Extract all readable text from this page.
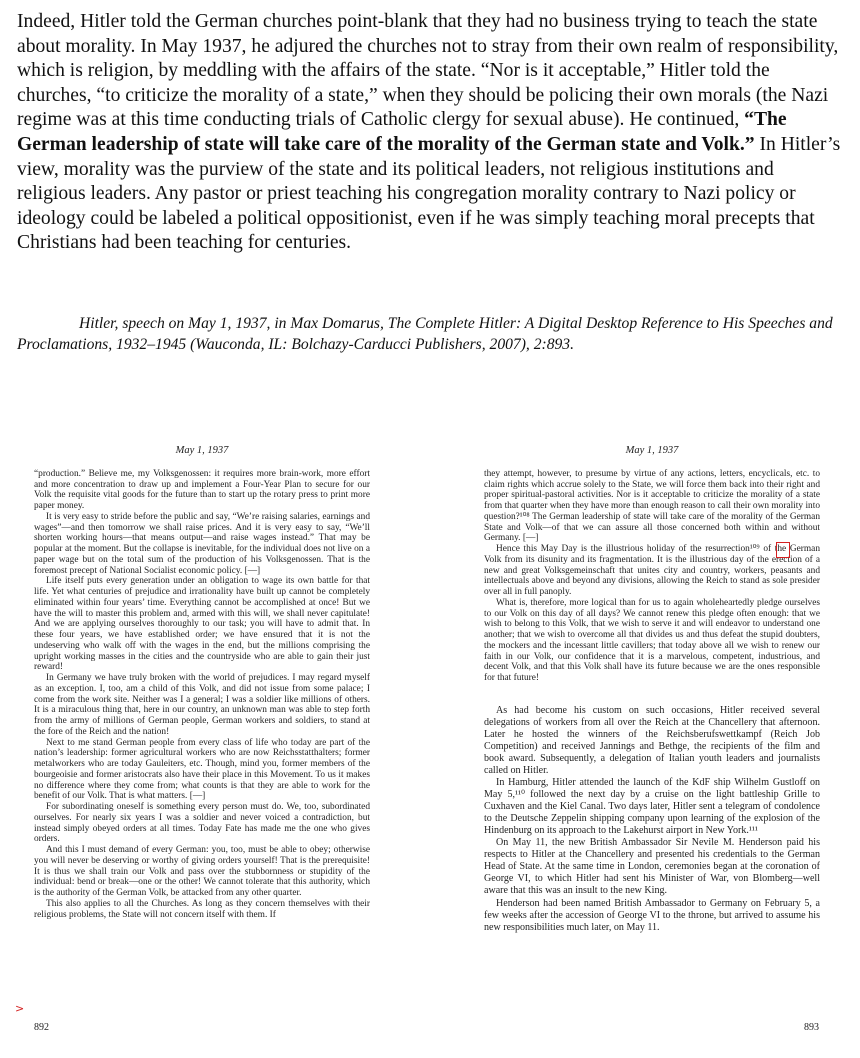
Indeed, Hitler told the German churches point-blank that they had no business trying to teach the state about morality. In May 1937, he adjured the churches not to stray from their own realm of responsibility, which is religion, by meddling with the affairs of the state. “Nor is it acceptable,” Hitler told the churches, “to criticize the morality of a state,” when they should be policing their own morals (the Nazi regime was at this time conducting trials of Catholic clergy for sexual abuse). He continued, “The German leadership of state will take care of the morality of the German state and Volk.” In Hitler’s view, morality was the purview of the state and its political leaders, not religious institutions and religious leaders. Any pastor or priest teaching his congregation morality contrary to Nazi policy or ideology could be labeled a political oppositionist, even if he was simply teaching moral precepts that Christians had been teaching for centuries.

Hitler, speech on May 1, 1937, in Max Domarus, The Complete Hitler: A Digital Desktop Reference to His Speeches and Proclamations, 1932–1945 (Wauconda, IL: Bolchazy-Carducci Publishers, 2007), 2:893.
May 1, 1937

“production.” Believe me, my Volksgenossen: it requires more brain-work, more effort and more concentration to draw up and implement a Four-Year Plan to secure for our Volk the requisite vital goods for the future than to start up the rotary press to print more paper money.

It is very easy to stride before the public and say, “We’re raising salaries, earnings and wages”—and then tomorrow we shall raise prices. And it is very easy to say, “We’ll shorten working hours—that means output—and raise wages instead.” That may be popular at the moment. But the collapse is inevitable, for the individual does not live on a paper wage but on the total sum of the production of his Volksgenossen. That is the foremost precept of National Socialist economic policy. [—]

Life itself puts every generation under an obligation to wage its own battle for that life. Yet what centuries of prejudice and irrationality have built up cannot be completely eliminated within four years’ time. Everything cannot be accomplished at once! But we have the will to master this problem and, armed with this will, we shall never capitulate! And we are applying ourselves thoroughly to our task; you will have to admit that. In these four years, we have established order; we have ensured that it is not the undeserving who walk off with the wages in the end, but the millions comprising the upright working masses in the cities and the countryside who are able to gain their just reward!

In Germany we have truly broken with the world of prejudices. I may regard myself as an exception. I, too, am a child of this Volk, and did not issue from some palace; I come from the work site. Neither was I a general; I was a soldier like millions of others. It is a miraculous thing that, here in our country, an unknown man was able to step forth from the army of millions of German people, German workers and soldiers, to stand at the fore of the Reich and the nation!

Next to me stand German people from every class of life who today are part of the nation’s leadership: former agricultural workers who are now Reichsstatthalters; former metalworkers who are today Gauleiters, etc. Though, mind you, former members of the bourgeoisie and former aristocrats also have their place in this Movement. To us it makes no difference where they come from; what counts is that they are able to work for the benefit of our Volk. That is what matters. [—]

For subordinating oneself is something every person must do. We, too, subordinated ourselves. For nearly six years I was a soldier and never voiced a contradiction, but instead simply obeyed orders at all times. Today Fate has made me the one who gives orders.

And this I must demand of every German: you, too, must be able to obey; otherwise you will never be deserving or worthy of giving orders yourself! That is the prerequisite! It is thus we shall train our Volk and pass over the stubbornness or stupidity of the individual: bend or break—one or the other! We cannot tolerate that this authority, which is the authority of the German Volk, be attacked from any other quarter.

This also applies to all the Churches. As long as they concern themselves with their religious problems, the State will not concern itself with them. If

>
May 1, 1937

they attempt, however, to presume by virtue of any actions, letters, encyclicals, etc. to claim rights which accrue solely to the State, we will force them back into their right and proper spiritual-pastoral activities. Nor is it acceptable to criticize the morality of a state from that quarter when they have more than enough reason to call their own morality into question?¹⁰⁸ The German leadership of state will take care of the morality of the German State and Volk—of that we can assure all those concerned both within and without Germany. [—]

Hence this May Day is the illustrious holiday of the resurrection¹⁰⁹ of the German Volk from its disunity and its fragmentation. It is the illustrious day of the erection of a new and great Volksgemeinschaft that unites city and country, workers, peasants and intellectuals above and beyond any divisions, allowing the Reich to stand as sole presider over all in full panoply.

What is, therefore, more logical than for us to again wholeheartedly pledge ourselves to our Volk on this day of all days? We cannot renew this pledge often enough: that we wish to belong to this Volk, that we wish to serve it and will endeavor to understand one another; that we wish to overcome all that divides us and thus defeat the stupid doubters, the mockers and the incessant little cavillers; that today above all we wish to renew our faith in our Volk, our confidence that it is a marvelous, competent, industrious, and decent Volk, and that this Volk shall have its future because we are the ones responsible for that future!

As had become his custom on such occasions, Hitler received several delegations of workers from all over the Reich at the Chancellery that afternoon. Later he hosted the winners of the Reichsberufswettkampf (Reich Job Competition) and received Jannings and Bethge, the recipients of the film and book award. Subsequently, a delegation of Italian youth leaders and journalists called on Hitler.

In Hamburg, Hitler attended the launch of the KdF ship Wilhelm Gustloff on May 5,¹¹⁰ followed the next day by a cruise on the light battleship Grille to Cuxhaven and the Kiel Canal. Two days later, Hitler sent a telegram of condolence to the Deutsche Zeppelin shipping company upon learning of the explosion of the Hindenburg on its approach to the Lakehurst airport in New York.¹¹¹

On May 11, the new British Ambassador Sir Nevile M. Henderson paid his respects to Hitler at the Chancellery and presented his credentials to the German Head of State. At the same time in London, ceremonies began at the coronation of George VI, to which Hitler had sent his Minister of War, von Blomberg—well aware that this was an insult to the new King.

Henderson had been named British Ambassador to Germany on February 5, a few weeks after the accession of George VI to the throne, but arrived to assume his new responsibilities much later, on May 11.

892	893
